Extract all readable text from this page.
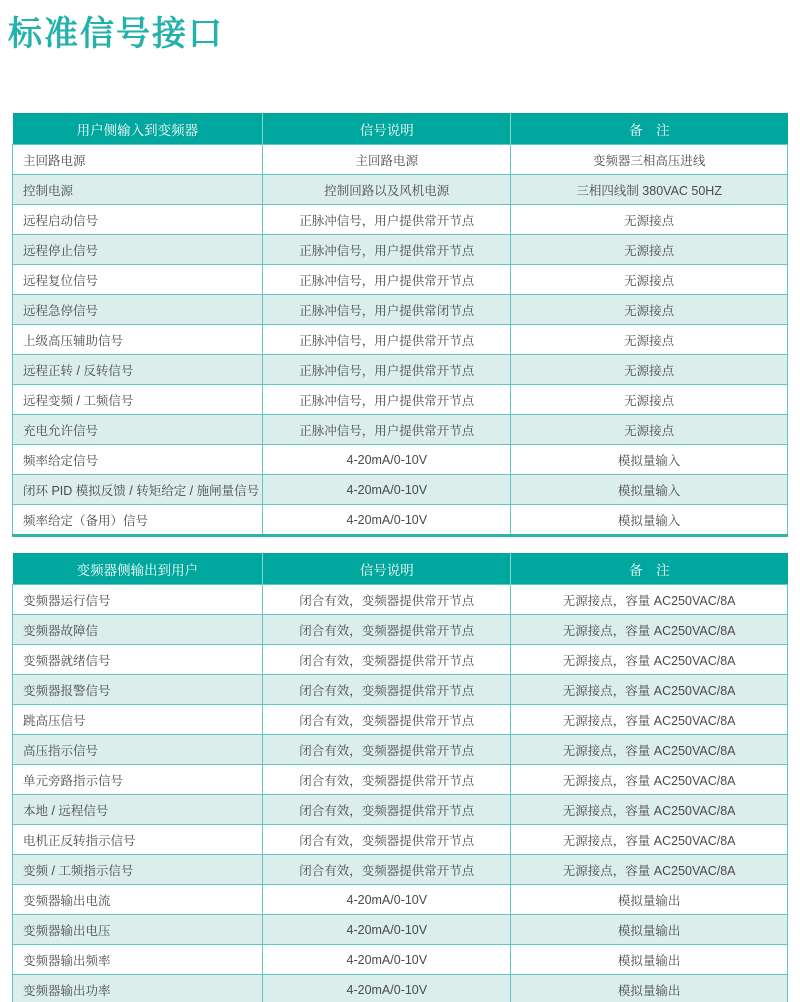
标准信号接口
用户侧输入到变频器	信号说明	备　注
主回路电源	主回路电源	变频器三相高压进线
控制电源	控制回路以及风机电源	三相四线制 380VAC 50HZ
远程启动信号	正脉冲信号，用户提供常开节点	无源接点
远程停止信号	正脉冲信号，用户提供常开节点	无源接点
远程复位信号	正脉冲信号，用户提供常开节点	无源接点
远程急停信号	正脉冲信号，用户提供常闭节点	无源接点
上级高压辅助信号	正脉冲信号，用户提供常开节点	无源接点
远程正转 / 反转信号	正脉冲信号，用户提供常开节点	无源接点
远程变频 / 工频信号	正脉冲信号，用户提供常开节点	无源接点
充电允许信号	正脉冲信号，用户提供常开节点	无源接点
频率给定信号	4-20mA/0-10V	模拟量输入
闭环 PID 模拟反馈 / 转矩给定 / 施闸量信号	4-20mA/0-10V	模拟量输入
频率给定（备用）信号	4-20mA/0-10V	模拟量输入
变频器侧输出到用户	信号说明	备　注
变频器运行信号	闭合有效，变频器提供常开节点	无源接点，容量 AC250VAC/8A
变频器故障信	闭合有效，变频器提供常开节点	无源接点，容量 AC250VAC/8A
变频器就绪信号	闭合有效，变频器提供常开节点	无源接点，容量 AC250VAC/8A
变频器报警信号	闭合有效，变频器提供常开节点	无源接点，容量 AC250VAC/8A
跳高压信号	闭合有效，变频器提供常开节点	无源接点，容量 AC250VAC/8A
高压指示信号	闭合有效，变频器提供常开节点	无源接点，容量 AC250VAC/8A
单元旁路指示信号	闭合有效，变频器提供常开节点	无源接点，容量 AC250VAC/8A
本地 / 远程信号	闭合有效，变频器提供常开节点	无源接点，容量 AC250VAC/8A
电机正反转指示信号	闭合有效，变频器提供常开节点	无源接点，容量 AC250VAC/8A
变频 / 工频指示信号	闭合有效，变频器提供常开节点	无源接点，容量 AC250VAC/8A
变频器输出电流	4-20mA/0-10V	模拟量输出
变频器输出电压	4-20mA/0-10V	模拟量输出
变频器输出频率	4-20mA/0-10V	模拟量输出
变频器输出功率	4-20mA/0-10V	模拟量输出
